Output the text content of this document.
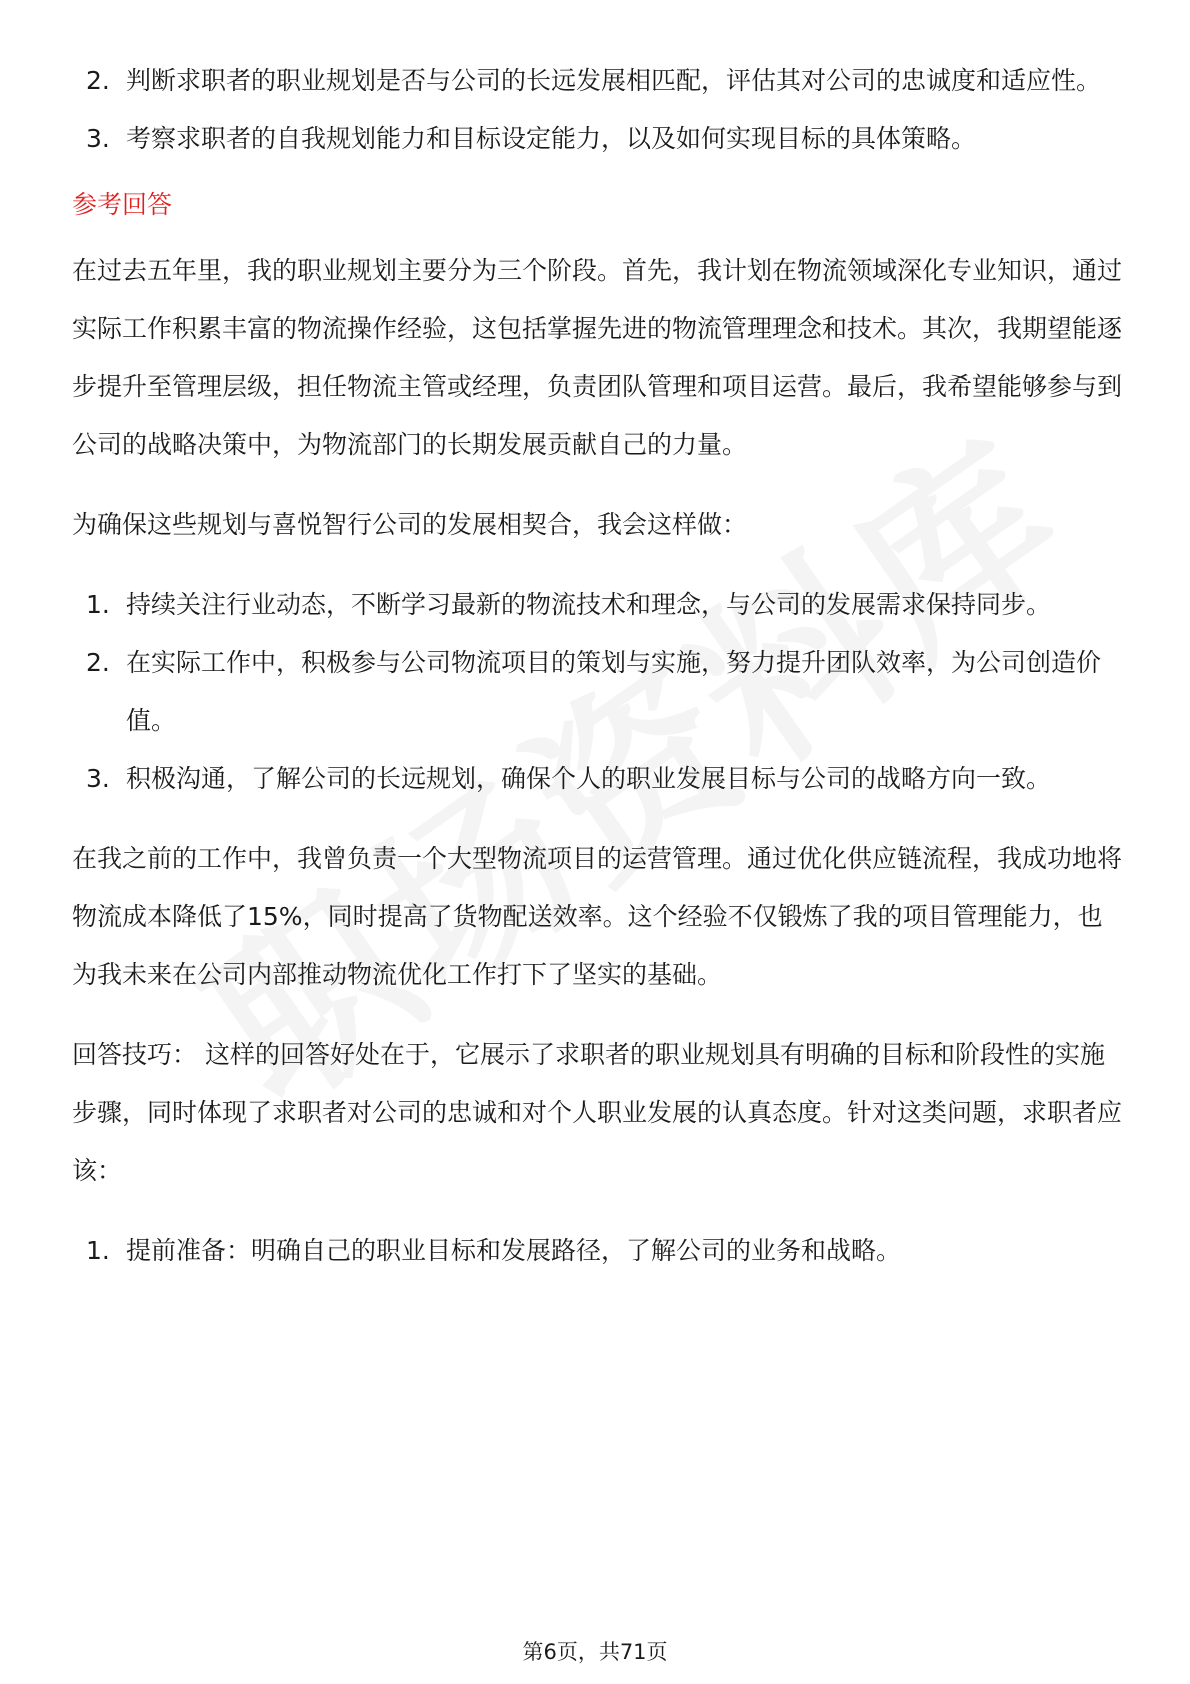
2. 判断求职者的职业规划是否与公司的长远发展相匹配，评估其对公司的忠诚度和适应性。
3. 考察求职者的自我规划能力和目标设定能力，以及如何实现目标的具体策略。

参考回答

在过去五年里，我的职业规划主要分为三个阶段。首先，我计划在物流领域深化专业知识，通过实际工作积累丰富的物流操作经验，这包括掌握先进的物流管理理念和技术。其次，我期望能逐步提升至管理层级，担任物流主管或经理，负责团队管理和项目运营。最后，我希望能够参与到公司的战略决策中，为物流部门的长期发展贡献自己的力量。

为确保这些规划与喜悦智行公司的发展相契合，我会这样做：

1. 持续关注行业动态，不断学习最新的物流技术和理念，与公司的发展需求保持同步。
2. 在实际工作中，积极参与公司物流项目的策划与实施，努力提升团队效率，为公司创造价值。
3. 积极沟通，了解公司的长远规划，确保个人的职业发展目标与公司的战略方向一致。

在我之前的工作中，我曾负责一个大型物流项目的运营管理。通过优化供应链流程，我成功地将物流成本降低了15%，同时提高了货物配送效率。这个经验不仅锻炼了我的项目管理能力，也为我未来在公司内部推动物流优化工作打下了坚实的基础。

回答技巧： 这样的回答好处在于，它展示了求职者的职业规划具有明确的目标和阶段性的实施步骤，同时体现了求职者对公司的忠诚和对个人职业发展的认真态度。针对这类问题，求职者应该：

1. 提前准备：明确自己的职业目标和发展路径，了解公司的业务和战略。
第6页，共71页
